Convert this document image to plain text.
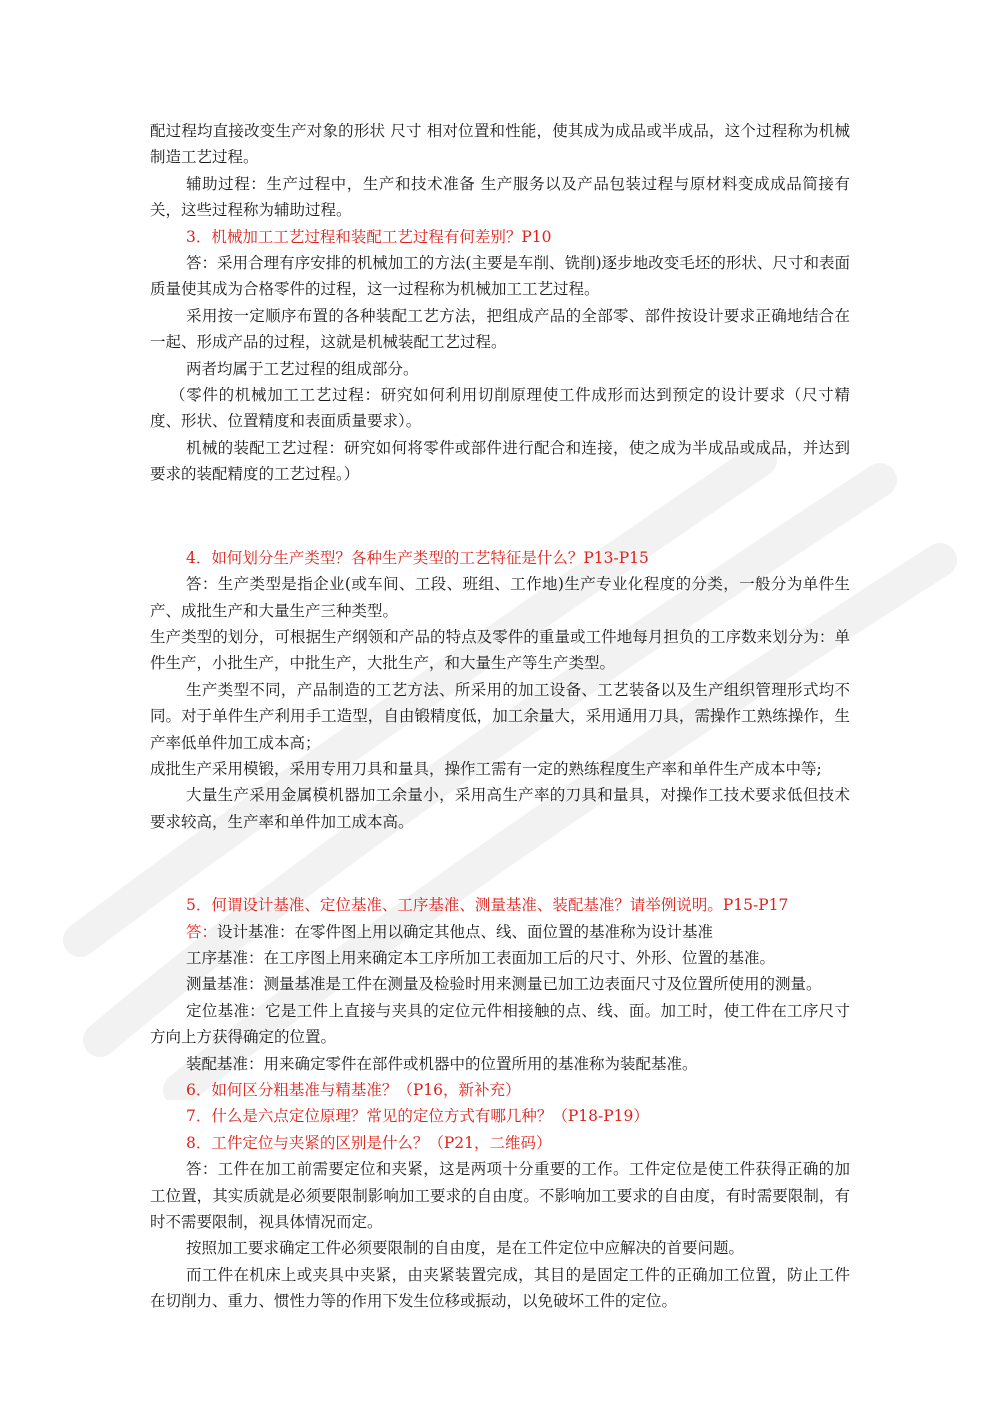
配过程均直接改变生产对象的形状 尺寸 相对位置和性能，使其成为成品或半成品，这个过程称为机械制造工艺过程。

辅助过程：生产过程中，生产和技术准备 生产服务以及产品包装过程与原材料变成成品简接有关，这些过程称为辅助过程。

3．机械加工工艺过程和装配工艺过程有何差别？P10

答：采用合理有序安排的机械加工的方法(主要是车削、铣削)逐步地改变毛坯的形状、尺寸和表面质量使其成为合格零件的过程，这一过程称为机械加工工艺过程。

采用按一定顺序布置的各种装配工艺方法，把组成产品的全部零、部件按设计要求正确地结合在一起、形成产品的过程，这就是机械装配工艺过程。

两者均属于工艺过程的组成部分。

（零件的机械加工工艺过程：研究如何利用切削原理使工件成形而达到预定的设计要求（尺寸精度、形状、位置精度和表面质量要求）。

机械的装配工艺过程：研究如何将零件或部件进行配合和连接，使之成为半成品或成品，并达到要求的装配精度的工艺过程。）

4．如何划分生产类型？各种生产类型的工艺特征是什么？P13-P15

答：生产类型是指企业(或车间、工段、班组、工作地)生产专业化程度的分类，一般分为单件生产、成批生产和大量生产三种类型。

生产类型的划分，可根据生产纲领和产品的特点及零件的重量或工件地每月担负的工序数来划分为：单件生产，小批生产，中批生产，大批生产，和大量生产等生产类型。

生产类型不同，产品制造的工艺方法、所采用的加工设备、工艺装备以及生产组织管理形式均不同。对于单件生产利用手工造型，自由锻精度低，加工余量大，采用通用刀具，需操作工熟练操作，生产率低单件加工成本高；

成批生产采用模锻，采用专用刀具和量具，操作工需有一定的熟练程度生产率和单件生产成本中等;

大量生产采用金属模机器加工余量小，采用高生产率的刀具和量具，对操作工技术要求低但技术要求较高，生产率和单件加工成本高。

5．何谓设计基准、定位基准、工序基准、测量基准、装配基准？请举例说明。P15-P17

答：设计基准：在零件图上用以确定其他点、线、面位置的基准称为设计基准

工序基准：在工序图上用来确定本工序所加工表面加工后的尺寸、外形、位置的基准。

测量基准：测量基准是工件在测量及检验时用来测量已加工边表面尺寸及位置所使用的测量。

定位基准：它是工件上直接与夹具的定位元件相接触的点、线、面。加工时，使工件在工序尺寸方向上方获得确定的位置。

装配基准：用来确定零件在部件或机器中的位置所用的基准称为装配基准。

6．如何区分粗基准与精基准？（P16，新补充）

7．什么是六点定位原理？常见的定位方式有哪几种？（P18-P19）

8．工件定位与夹紧的区别是什么？（P21，二维码）

答：工件在加工前需要定位和夹紧，这是两项十分重要的工作。工件定位是使工件获得正确的加工位置，其实质就是必须要限制影响加工要求的自由度。不影响加工要求的自由度，有时需要限制，有时不需要限制，视具体情况而定。

按照加工要求确定工件必须要限制的自由度，是在工件定位中应解决的首要问题。

而工件在机床上或夹具中夹紧，由夹紧装置完成，其目的是固定工件的正确加工位置，防止工件在切削力、重力、惯性力等的作用下发生位移或振动，以免破坏工件的定位。
